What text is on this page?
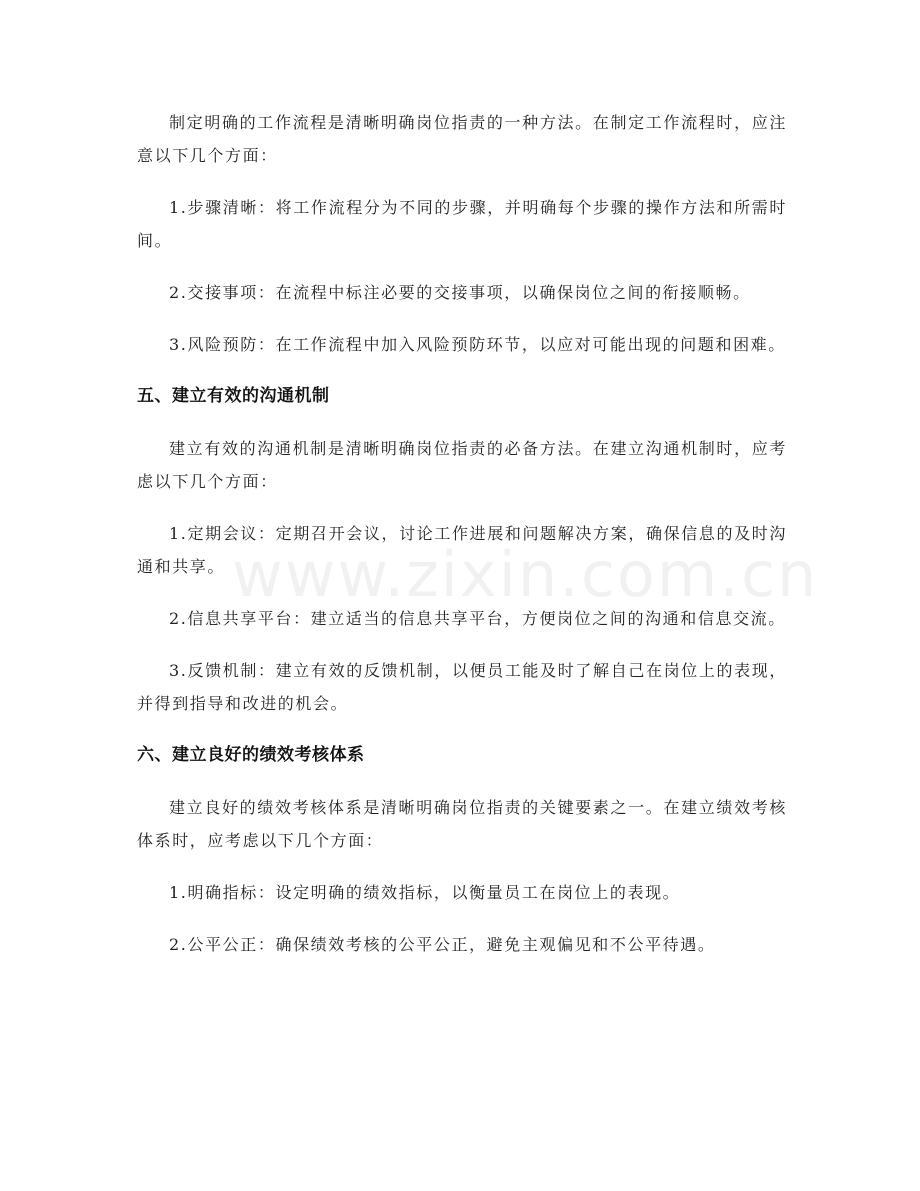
制定明确的工作流程是清晰明确岗位指责的一种方法。在制定工作流程时，应注意以下几个方面：

1.步骤清晰：将工作流程分为不同的步骤，并明确每个步骤的操作方法和所需时间。

2.交接事项：在流程中标注必要的交接事项，以确保岗位之间的衔接顺畅。

3.风险预防：在工作流程中加入风险预防环节，以应对可能出现的问题和困难。

五、建立有效的沟通机制

建立有效的沟通机制是清晰明确岗位指责的必备方法。在建立沟通机制时，应考虑以下几个方面：

1.定期会议：定期召开会议，讨论工作进展和问题解决方案，确保信息的及时沟通和共享。

2.信息共享平台：建立适当的信息共享平台，方便岗位之间的沟通和信息交流。

3.反馈机制：建立有效的反馈机制，以便员工能及时了解自己在岗位上的表现，并得到指导和改进的机会。

六、建立良好的绩效考核体系

建立良好的绩效考核体系是清晰明确岗位指责的关键要素之一。在建立绩效考核体系时，应考虑以下几个方面：

1.明确指标：设定明确的绩效指标，以衡量员工在岗位上的表现。

2.公平公正：确保绩效考核的公平公正，避免主观偏见和不公平待遇。

www.zixin.com.cn
